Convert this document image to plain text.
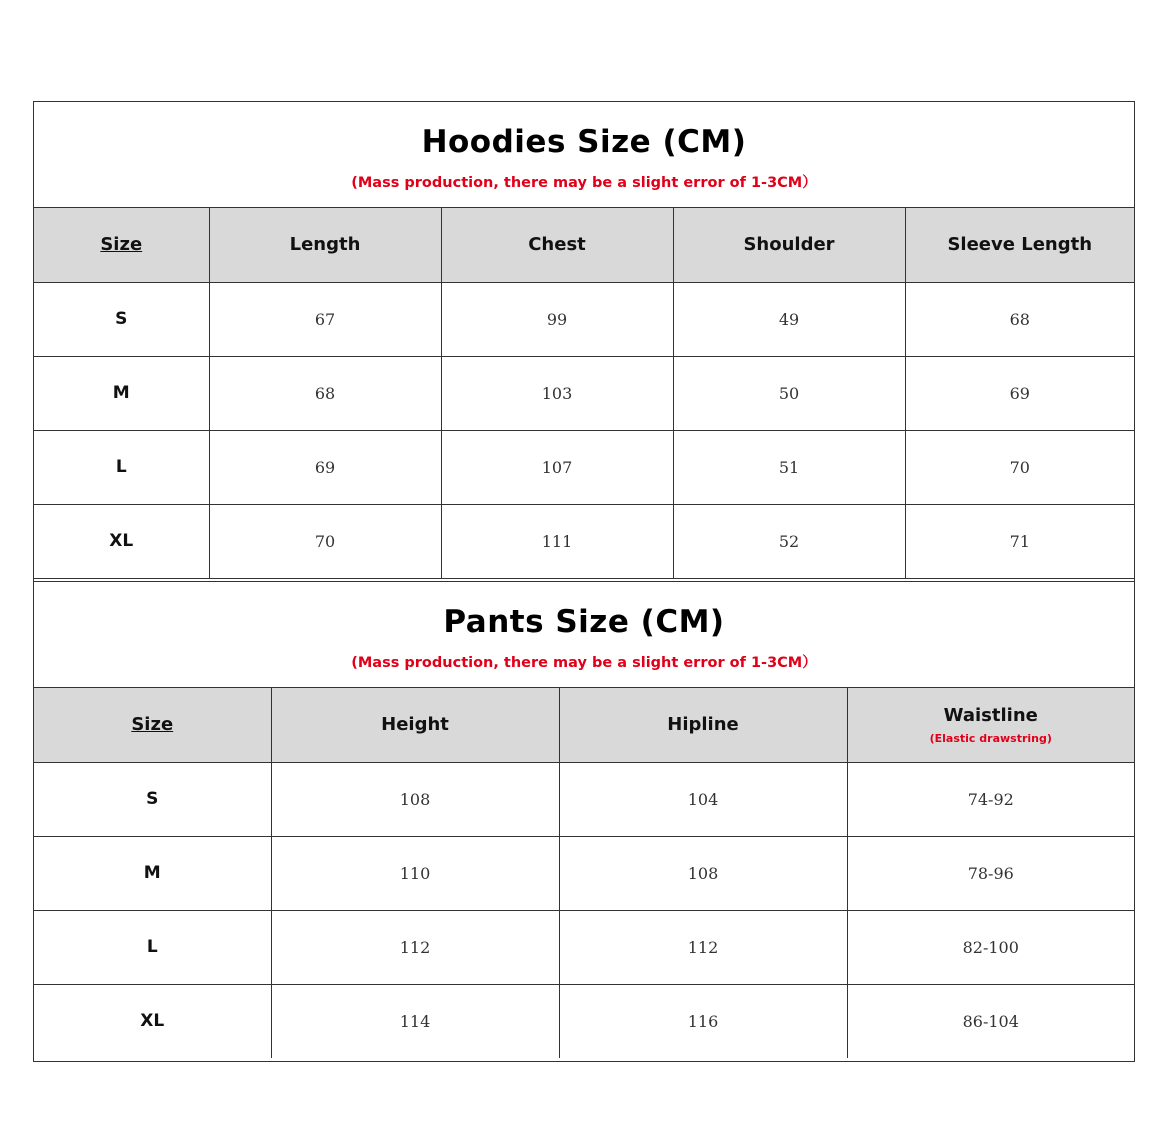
Hoodies Size (CM)
(Mass production, there may be a slight error of 1-3CM）
Size	Length	Chest	Shoulder	Sleeve Length
S	67	99	49	68
M	68	103	50	69
L	69	107	51	70
XL	70	111	52	71
Pants Size (CM)
(Mass production, there may be a slight error of 1-3CM）
Size	Height	Hipline	Waistline
(Elastic drawstring)

S	108	104	74-92
M	110	108	78-96
L	112	112	82-100
XL	114	116	86-104
